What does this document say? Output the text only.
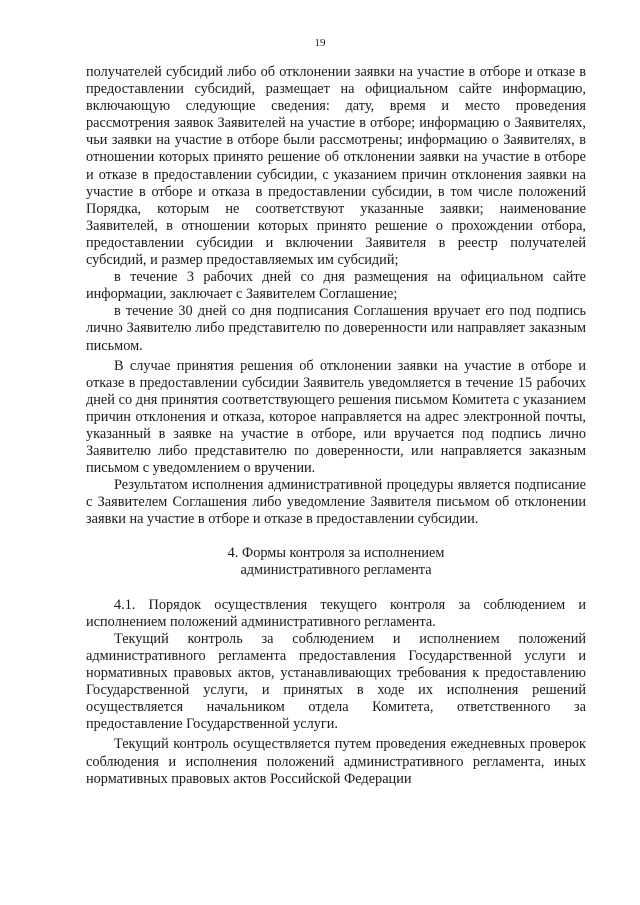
19

получателей субсидий либо об отклонении заявки на участие в отборе и отказе в предоставлении субсидий, размещает на официальном сайте информацию, включающую следующие сведения: дату, время и место проведения рассмотрения заявок Заявителей на участие в отборе; информацию о Заявителях, чьи заявки на участие в отборе были рассмотрены; информацию о Заявителях, в отношении которых принято решение об отклонении заявки на участие в отборе и отказе в предоставлении субсидии, с указанием причин отклонения заявки на участие в отборе и отказа в предоставлении субсидии, в том числе положений Порядка, которым не соответствуют указанные заявки; наименование Заявителей, в отношении которых принято решение о прохождении отбора, предоставлении субсидии и включении Заявителя в реестр получателей субсидий, и размер предоставляемых им субсидий;

в течение 3 рабочих дней со дня размещения на официальном сайте информации, заключает с Заявителем Соглашение;

в течение 30 дней со дня подписания Соглашения вручает его под подпись лично Заявителю либо представителю по доверенности или направляет заказным письмом.

В случае принятия решения об отклонении заявки на участие в отборе и отказе в предоставлении субсидии Заявитель уведомляется в течение 15 рабочих дней со дня принятия соответствующего решения письмом Комитета с указанием причин отклонения и отказа, которое направляется на адрес электронной почты, указанный в заявке на участие в отборе, или вручается под подпись лично Заявителю либо представителю по доверенности, или направляется заказным письмом с уведомлением о вручении.

Результатом исполнения административной процедуры является подписание с Заявителем Соглашения либо уведомление Заявителя письмом об отклонении заявки на участие в отборе и отказе в предоставлении субсидии.

4. Формы контроля за исполнением
административного регламента

4.1. Порядок осуществления текущего контроля за соблюдением и исполнением положений административного регламента.

Текущий контроль за соблюдением и исполнением положений административного регламента предоставления Государственной услуги и нормативных правовых актов, устанавливающих требования к предоставлению Государственной услуги, и принятых в ходе их исполнения решений осуществляется начальником отдела Комитета, ответственного за предоставление Государственной услуги.

Текущий контроль осуществляется путем проведения ежедневных проверок соблюдения и исполнения положений административного регламента, иных нормативных правовых актов Российской Федерации
